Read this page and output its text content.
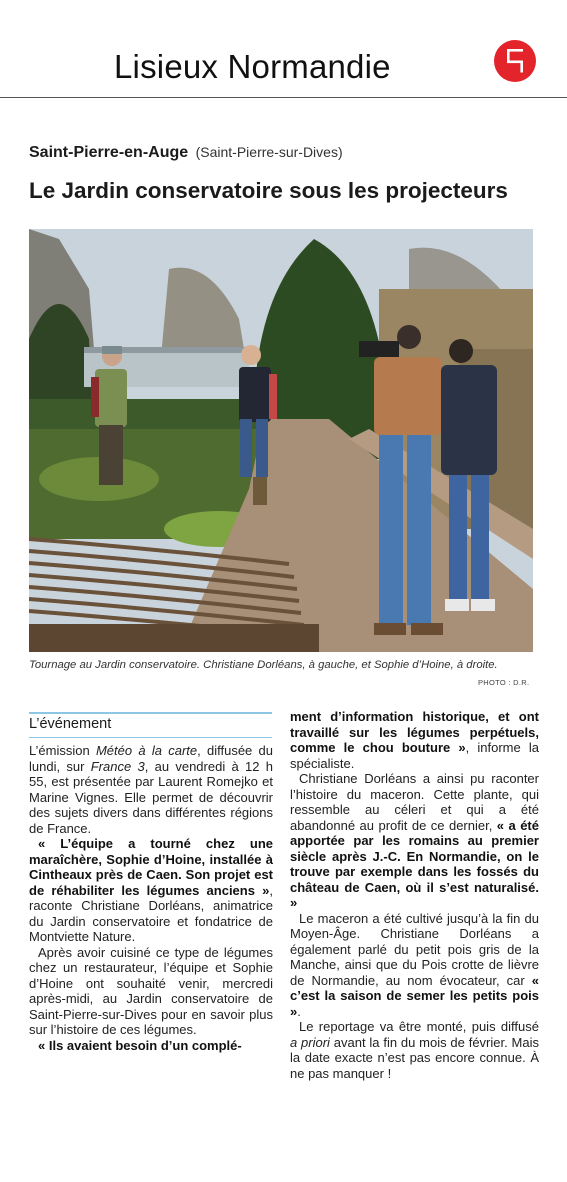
Lisieux Normandie
Saint-Pierre-en-Auge (Saint-Pierre-sur-Dives)
Le Jardin conservatoire sous les projecteurs
Tournage au Jardin conservatoire. Christiane Dorléans, à gauche, et Sophie d’Hoine, à droite.
PHOTO : D.R.
L’événement

L’émission Météo à la carte, diffusée du lundi, sur France 3, au vendredi à 12 h 55, est présentée par Laurent Romejko et Marine Vignes. Elle permet de découvrir des sujets divers dans différentes régions de France.

« L’équipe a tourné chez une maraîchère, Sophie d’Hoine, installée à Cintheaux près de Caen. Son projet est de réhabiliter les légumes anciens », raconte Christiane Dorléans, animatrice du Jardin conservatoire et fondatrice de Montviette Nature.

Après avoir cuisiné ce type de légumes chez un restaurateur, l’équipe et Sophie d’Hoine ont souhaité venir, mercredi après-midi, au Jardin conservatoire de Saint-Pierre-sur-Dives pour en savoir plus sur l’histoire de ces légumes.

« Ils avaient besoin d’un complé-

ment d’information historique, et ont travaillé sur les légumes perpétuels, comme le chou bouture », informe la spécialiste.

Christiane Dorléans a ainsi pu raconter l’histoire du maceron. Cette plante, qui ressemble au céleri et qui a été abandonné au profit de ce dernier, « a été apportée par les romains au premier siècle après J.-C. En Normandie, on le trouve par exemple dans les fossés du château de Caen, où il s’est naturalisé. »

Le maceron a été cultivé jusqu’à la fin du Moyen-Âge. Christiane Dorléans a également parlé du petit pois gris de la Manche, ainsi que du Pois crotte de lièvre de Normandie, au nom évocateur, car « c’est la saison de semer les petits pois ».

Le reportage va être monté, puis diffusé a priori avant la fin du mois de février. Mais la date exacte n’est pas encore connue. À ne pas manquer !
